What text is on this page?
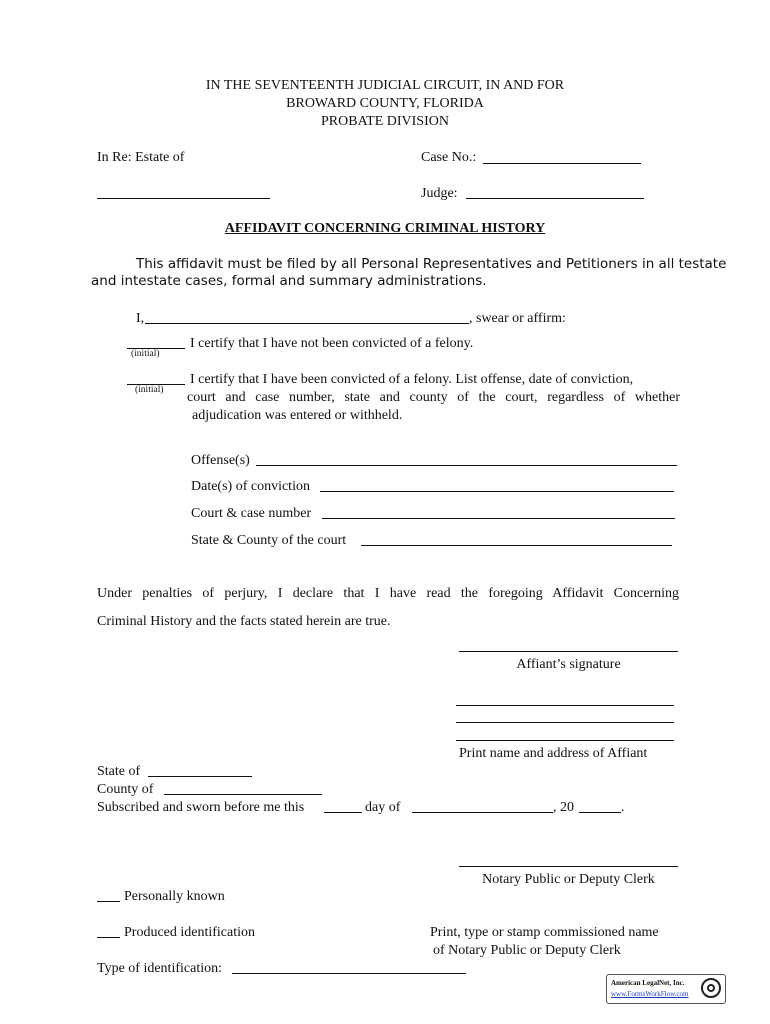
IN THE SEVENTEENTH JUDICIAL CIRCUIT, IN AND FOR
BROWARD COUNTY, FLORIDA
PROBATE DIVISION
In Re: Estate of	Case No.:
Judge:
AFFIDAVIT CONCERNING CRIMINAL HISTORY
This affidavit must be filed by all Personal Representatives and Petitioners in all testate
and intestate cases, formal and summary administrations.
I,	, swear or affirm:
(initial)
I certify that I have not been convicted of a felony.
(initial)
I certify that I have been convicted of a felony. List offense, date of conviction,
court and case number, state and county of the court, regardless of whether
adjudication was entered or withheld.
Offense(s)
Date(s) of conviction
Court & case number
State & County of the court
Under penalties of perjury, I declare that I have read the foregoing Affidavit Concerning
Criminal History and the facts stated herein are true.
Affiant’s signature
Print name and address of Affiant
State of
County of
Subscribed and sworn before me this	day of	, 20	.
Notary Public or Deputy Clerk
Personally known
Produced identification	Print, type or stamp commissioned name
of Notary Public or Deputy Clerk
Type of identification:
American LegalNet, Inc.
www.FormsWorkFlow.com
